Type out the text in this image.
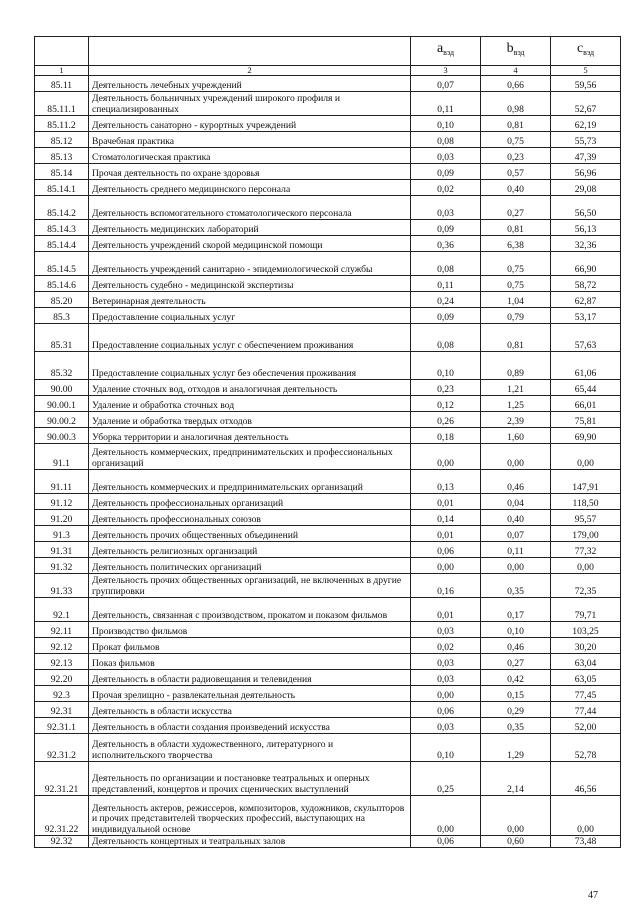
		$a_{вэд}$	$b_{вэд}$	$c_{вэд}$
1	2	3	4	5
85.11	Деятельность лечебных учреждений	0,07	0,66	59,56
85.11.1	Деятельность больничных учреждений широкого профиля и специализированных	0,11	0,98	52,67
85.11.2	Деятельность санаторно - курортных учреждений	0,10	0,81	62,19
85.12	Врачебная практика	0,08	0,75	55,73
85.13	Стоматологическая практика	0,03	0,23	47,39
85.14	Прочая деятельность по охране здоровья	0,09	0,57	56,96
85.14.1	Деятельность среднего медицинского персонала	0,02	0,40	29,08
85.14.2	Деятельность вспомогательного стоматологического персонала	0,03	0,27	56,50
85.14.3	Деятельность медицинских лабораторий	0,09	0,81	56,13
85.14.4	Деятельность учреждений скорой медицинской помощи	0,36	6,38	32,36
85.14.5	Деятельность учреждений санитарно - эпидемиологической службы	0,08	0,75	66,90
85.14.6	Деятельность судебно - медицинской экспертизы	0,11	0,75	58,72
85.20	Ветеринарная деятельность	0,24	1,04	62,87
85.3	Предоставление социальных услуг	0,09	0,79	53,17
85.31	Предоставление социальных услуг с обеспечением проживания	0,08	0,81	57,63
85.32	Предоставление социальных услуг без обеспечения проживания	0,10	0,89	61,06
90.00	Удаление сточных вод, отходов и аналогичная деятельность	0,23	1,21	65,44
90.00.1	Удаление и обработка сточных вод	0,12	1,25	66,01
90.00.2	Удаление и обработка твердых отходов	0,26	2,39	75,81
90.00.3	Уборка территории и аналогичная деятельность	0,18	1,60	69,90
91.1	Деятельность коммерческих, предпринимательских и профессиональных организаций	0,00	0,00	0,00
91.11	Деятельность коммерческих и предпринимательских организаций	0,13	0,46	147,91
91.12	Деятельность профессиональных организаций	0,01	0,04	118,50
91.20	Деятельность профессиональных союзов	0,14	0,40	95,57
91.3	Деятельность прочих общественных объединений	0,01	0,07	179,00
91.31	Деятельность религиозных организаций	0,06	0,11	77,32
91.32	Деятельность политических организаций	0,00	0,00	0,00
91.33	Деятельность прочих общественных организаций, не включенных в другие группировки	0,16	0,35	72,35
92.1	Деятельность, связанная с производством, прокатом и показом фильмов	0,01	0,17	79,71
92.11	Производство фильмов	0,03	0,10	103,25
92.12	Прокат фильмов	0,02	0,46	30,20
92.13	Показ фильмов	0,03	0,27	63,04
92.20	Деятельность в области радиовещания и телевидения	0,03	0,42	63,05
92.3	Прочая зрелищно - развлекательная деятельность	0,00	0,15	77,45
92.31	Деятельность в области искусства	0,06	0,29	77,44
92.31.1	Деятельность в области создания произведений искусства	0,03	0,35	52,00
92.31.2	Деятельность в области художественного, литературного и исполнительского творчества	0,10	1,29	52,78
92.31.21	Деятельность по организации и постановке театральных и оперных представлений, концертов и прочих сценических выступлений	0,25	2,14	46,56
92.31.22	Деятельность актеров, режиссеров, композиторов, художников, скульпторов и прочих представителей творческих профессий, выступающих на индивидуальной основе	0,00	0,00	0,00
92.32	Деятельность концертных и театральных залов	0,06	0,60	73,48
47
